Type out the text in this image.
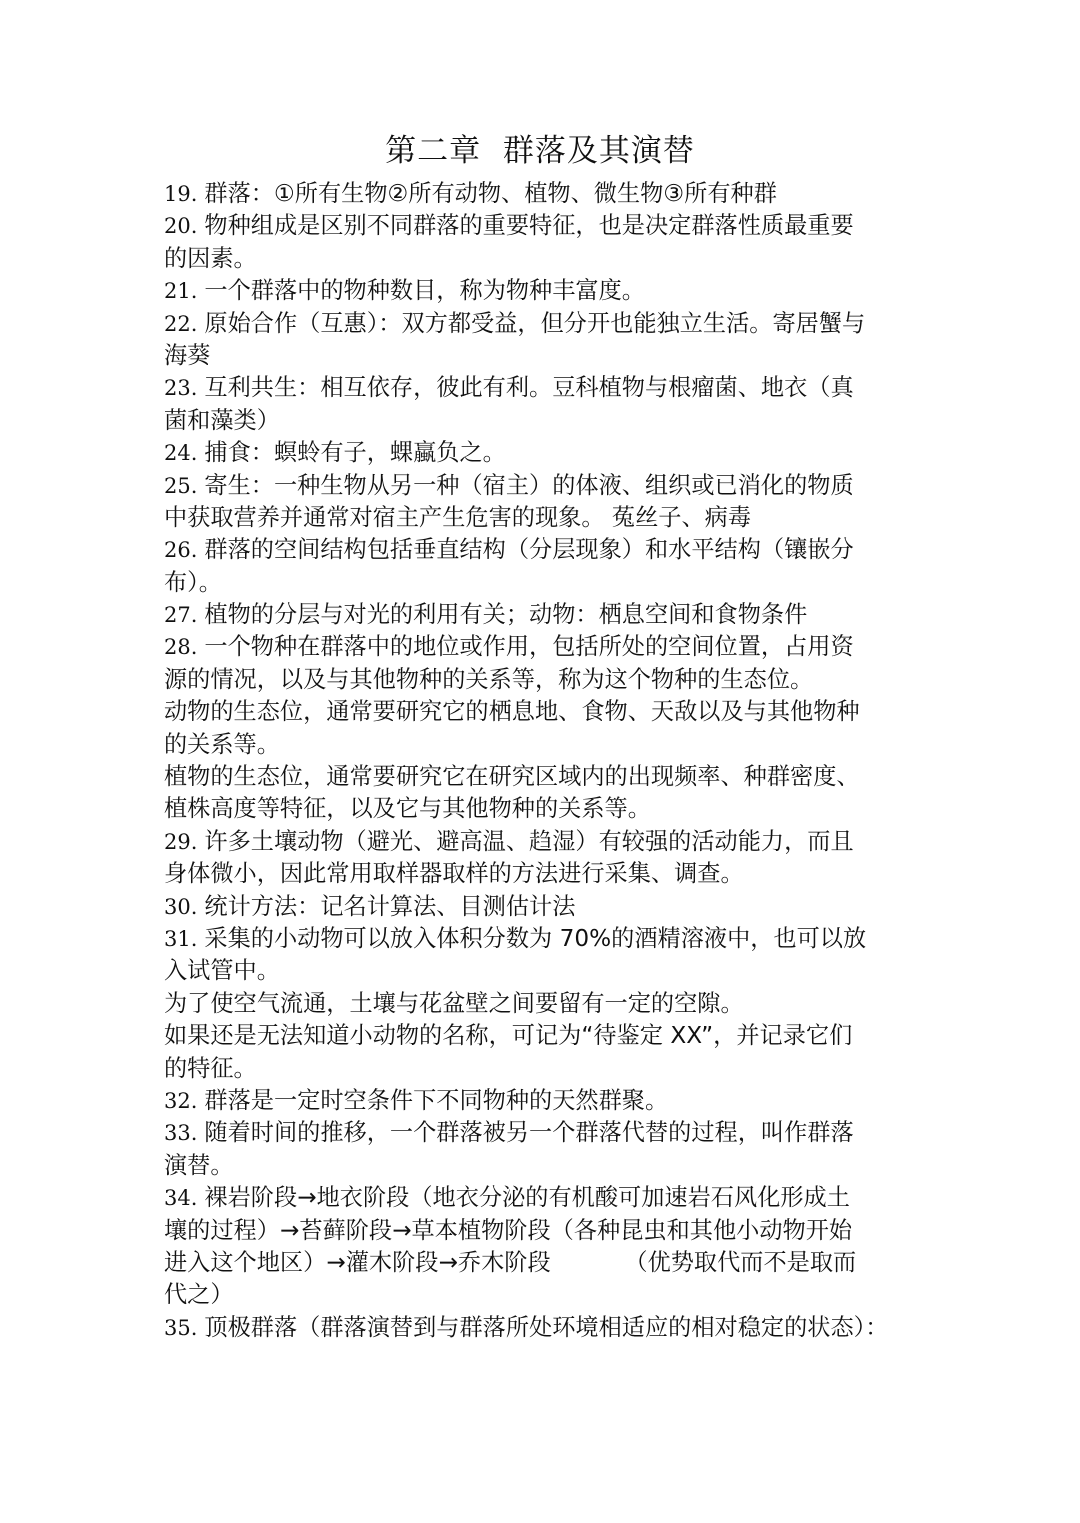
第二章  群落及其演替
19. 群落：①所有生物②所有动物、植物、微生物③所有种群
20. 物种组成是区别不同群落的重要特征，也是决定群落性质最重要
的因素。
21. 一个群落中的物种数目，称为物种丰富度。
22. 原始合作（互惠）：双方都受益，但分开也能独立生活。寄居蟹与
海葵
23. 互利共生：相互依存，彼此有利。豆科植物与根瘤菌、地衣（真
菌和藻类）
24. 捕食：螟蛉有子，蜾蠃负之。
25. 寄生：一种生物从另一种（宿主）的体液、组织或已消化的物质
中获取营养并通常对宿主产生危害的现象。 菟丝子、病毒
26. 群落的空间结构包括垂直结构（分层现象）和水平结构（镶嵌分
布）。
27. 植物的分层与对光的利用有关；动物：栖息空间和食物条件
28. 一个物种在群落中的地位或作用，包括所处的空间位置，占用资
源的情况，以及与其他物种的关系等，称为这个物种的生态位。
动物的生态位，通常要研究它的栖息地、食物、天敌以及与其他物种
的关系等。
植物的生态位，通常要研究它在研究区域内的出现频率、种群密度、
植株高度等特征，以及它与其他物种的关系等。
29. 许多土壤动物（避光、避高温、趋湿）有较强的活动能力，而且
身体微小，因此常用取样器取样的方法进行采集、调查。
30. 统计方法：记名计算法、目测估计法
31. 采集的小动物可以放入体积分数为 70%的酒精溶液中，也可以放
入试管中。
为了使空气流通，土壤与花盆壁之间要留有一定的空隙。
如果还是无法知道小动物的名称，可记为“待鉴定 XX”，并记录它们
的特征。
32. 群落是一定时空条件下不同物种的天然群聚。
33. 随着时间的推移，一个群落被另一个群落代替的过程，叫作群落
演替。
34. 裸岩阶段→地衣阶段（地衣分泌的有机酸可加速岩石风化形成土
壤的过程）→苔藓阶段→草本植物阶段（各种昆虫和其他小动物开始
进入这个地区）→灌木阶段→乔木阶段          （优势取代而不是取而
代之）
35. 顶极群落（群落演替到与群落所处环境相适应的相对稳定的状态）：
